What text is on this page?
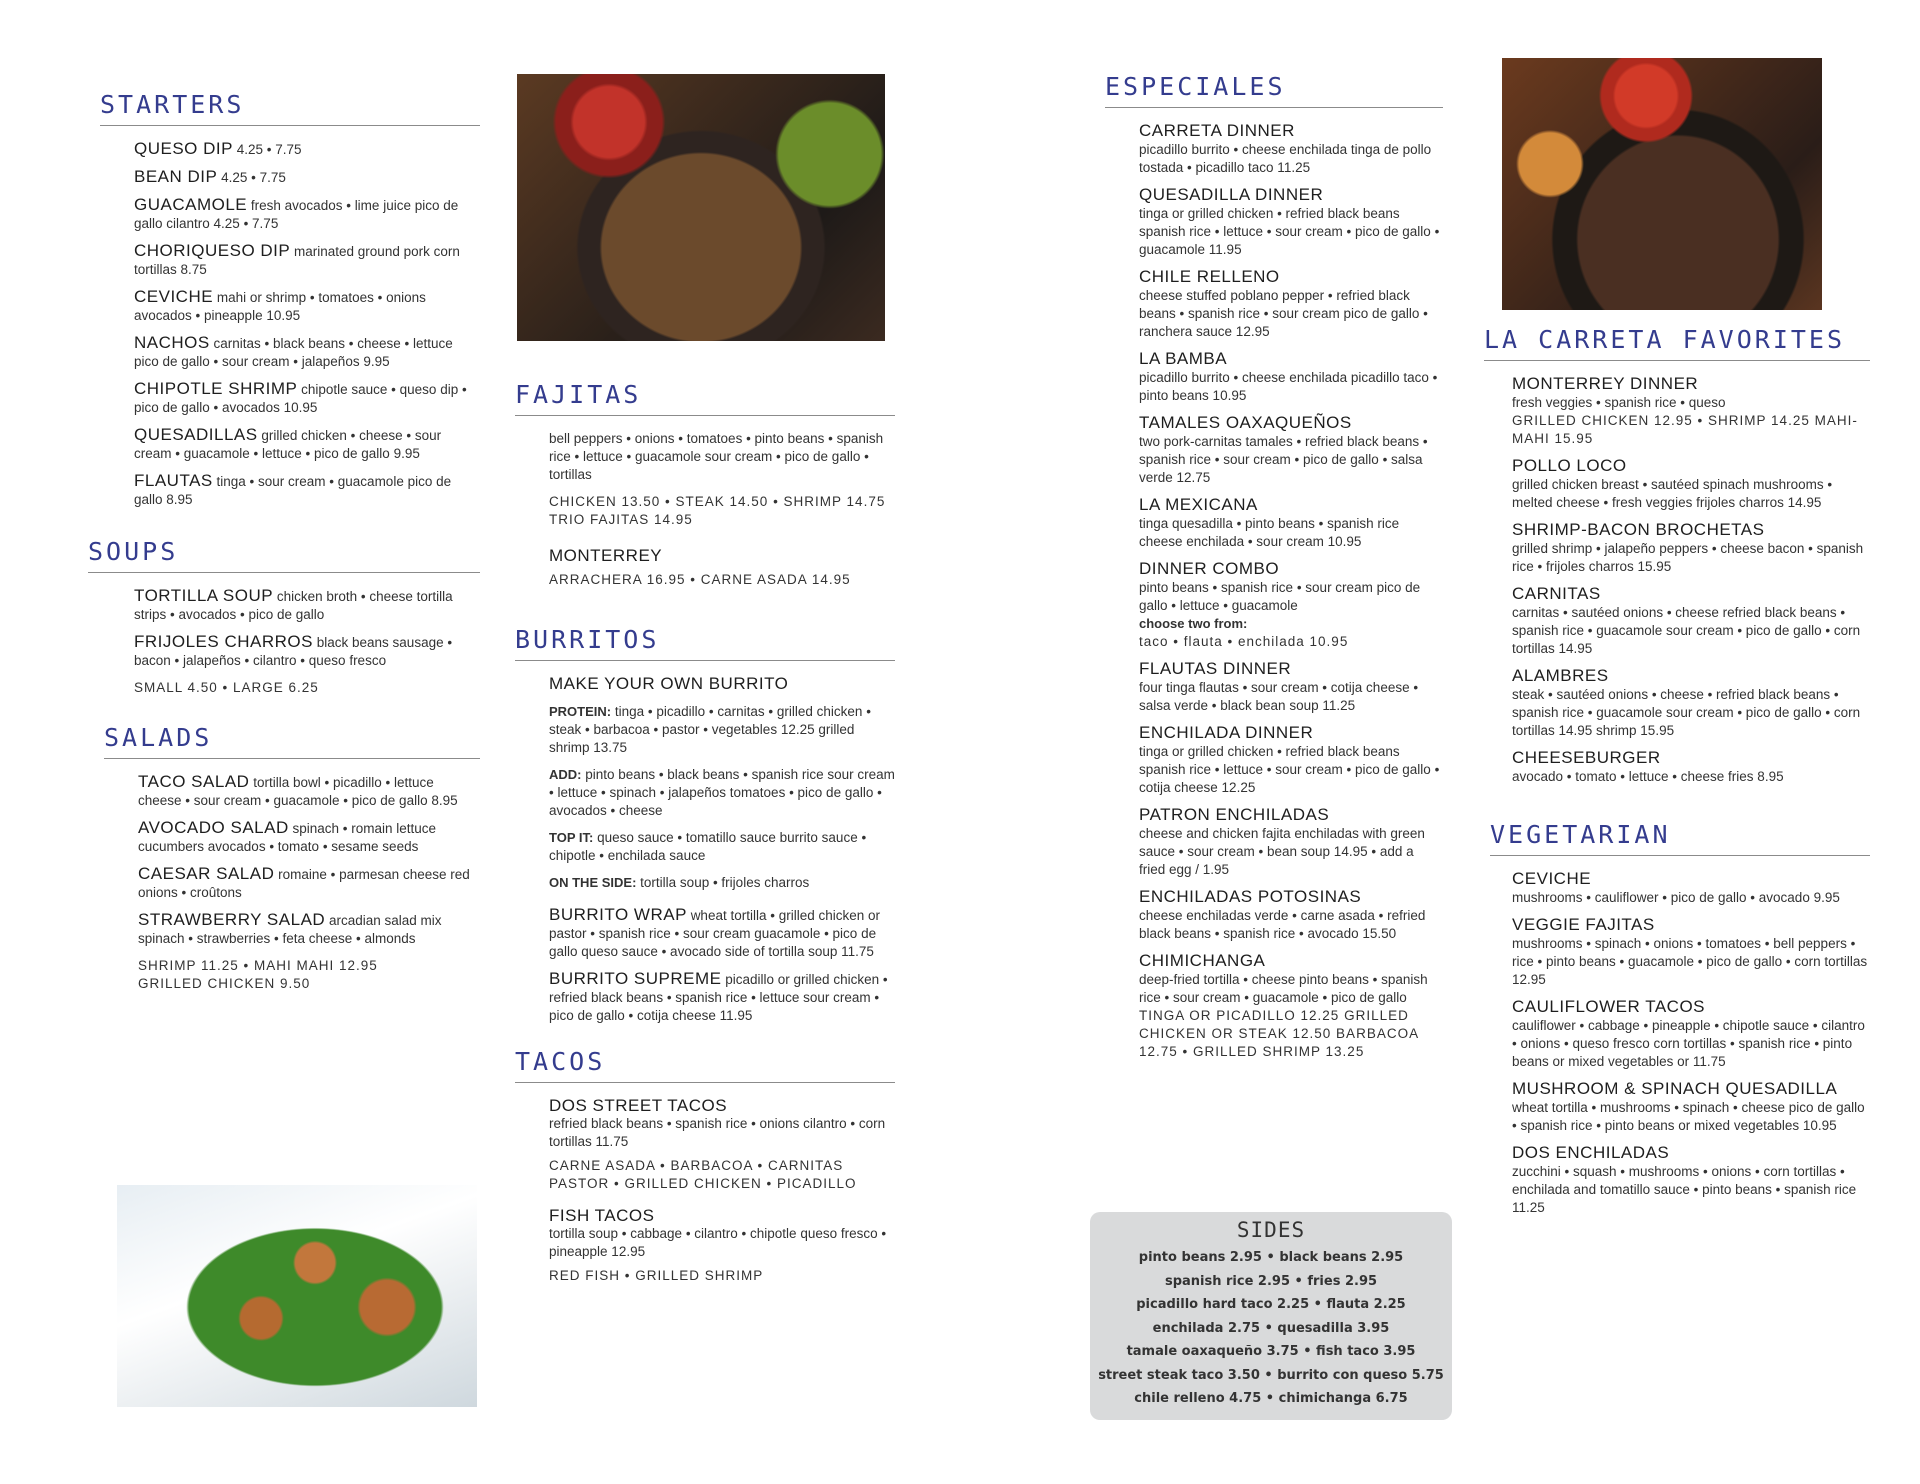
STARTERS
QUESO DIP 4.25 • 7.75
BEAN DIP 4.25 • 7.75
GUACAMOLE fresh avocados • lime juice pico de gallo cilantro 4.25 • 7.75
CHORIQUESO DIP marinated ground pork corn tortillas 8.75
CEVICHE mahi or shrimp • tomatoes • onions avocados • pineapple 10.95
NACHOS carnitas • black beans • cheese • lettuce pico de gallo • sour cream • jalapeños 9.95
CHIPOTLE SHRIMP chipotle sauce • queso dip • pico de gallo • avocados 10.95
QUESADILLAS grilled chicken • cheese • sour cream • guacamole • lettuce • pico de gallo 9.95
FLAUTAS tinga • sour cream • guacamole pico de gallo 8.95
SOUPS
TORTILLA SOUP chicken broth • cheese tortilla strips • avocados • pico de gallo
FRIJOLES CHARROS black beans sausage • bacon • jalapeños • cilantro • queso fresco
SMALL 4.50 • LARGE 6.25
SALADS
TACO SALAD tortilla bowl • picadillo • lettuce cheese • sour cream • guacamole • pico de gallo 8.95
AVOCADO SALAD spinach • romain lettuce cucumbers avocados • tomato • sesame seeds
CAESAR SALAD romaine • parmesan cheese red onions • croûtons
STRAWBERRY SALAD arcadian salad mix spinach • strawberries • feta cheese • almonds
SHRIMP 11.25 • MAHI MAHI 12.95
GRILLED CHICKEN 9.50
FAJITAS
bell peppers • onions • tomatoes • pinto beans • spanish rice • lettuce • guacamole sour cream • pico de gallo • tortillas
CHICKEN 13.50 • STEAK 14.50 • SHRIMP 14.75
TRIO FAJITAS 14.95
MONTERREY
ARRACHERA 16.95 • CARNE ASADA 14.95
BURRITOS
MAKE YOUR OWN BURRITO
PROTEIN: tinga • picadillo • carnitas • grilled chicken • steak • barbacoa • pastor • vegetables 12.25 grilled shrimp 13.75
ADD: pinto beans • black beans • spanish rice sour cream • lettuce • spinach • jalapeños tomatoes • pico de gallo • avocados • cheese
TOP IT: queso sauce • tomatillo sauce burrito sauce • chipotle • enchilada sauce
ON THE SIDE: tortilla soup • frijoles charros
BURRITO WRAP wheat tortilla • grilled chicken or pastor • spanish rice • sour cream guacamole • pico de gallo queso sauce • avocado side of tortilla soup 11.75
BURRITO SUPREME picadillo or grilled chicken • refried black beans • spanish rice • lettuce sour cream • pico de gallo • cotija cheese 11.95
TACOS
DOS STREET TACOS
refried black beans • spanish rice • onions cilantro • corn tortillas 11.75
CARNE ASADA • BARBACOA • CARNITAS PASTOR • GRILLED CHICKEN • PICADILLO
FISH TACOS
tortilla soup • cabbage • cilantro • chipotle queso fresco • pineapple 12.95
RED FISH • GRILLED SHRIMP
ESPECIALES
CARRETA DINNER
picadillo burrito • cheese enchilada tinga de pollo tostada • picadillo taco 11.25
QUESADILLA DINNER
tinga or grilled chicken • refried black beans spanish rice • lettuce • sour cream • pico de gallo • guacamole 11.95
CHILE RELLENO
cheese stuffed poblano pepper • refried black beans • spanish rice • sour cream pico de gallo • ranchera sauce 12.95
LA BAMBA
picadillo burrito • cheese enchilada picadillo taco • pinto beans 10.95
TAMALES OAXAQUEÑOS
two pork-carnitas tamales • refried black beans • spanish rice • sour cream • pico de gallo • salsa verde 12.75
LA MEXICANA
tinga quesadilla • pinto beans • spanish rice cheese enchilada • sour cream 10.95
DINNER COMBO
pinto beans • spanish rice • sour cream pico de gallo • lettuce • guacamole
choose two from:
taco • flauta • enchilada 10.95
FLAUTAS DINNER
four tinga flautas • sour cream • cotija cheese • salsa verde • black bean soup 11.25
ENCHILADA DINNER
tinga or grilled chicken • refried black beans spanish rice • lettuce • sour cream • pico de gallo • cotija cheese 12.25
PATRON ENCHILADAS
cheese and chicken fajita enchiladas with green sauce • sour cream • bean soup 14.95 • add a fried egg / 1.95
ENCHILADAS POTOSINAS
cheese enchiladas verde • carne asada • refried black beans • spanish rice • avocado 15.50
CHIMICHANGA
deep-fried tortilla • cheese pinto beans • spanish rice • sour cream • guacamole • pico de gallo
TINGA OR PICADILLO 12.25 GRILLED CHICKEN OR STEAK 12.50 BARBACOA 12.75 • GRILLED SHRIMP 13.25
SIDES
pinto beans 2.95 • black beans 2.95
spanish rice 2.95 • fries 2.95
picadillo hard taco 2.25 • flauta 2.25
enchilada 2.75 • quesadilla 3.95
tamale oaxaqueño 3.75 • fish taco 3.95
street steak taco 3.50 • burrito con queso 5.75
chile relleno 4.75 • chimichanga 6.75
LA CARRETA FAVORITES
MONTERREY DINNER
fresh veggies • spanish rice • queso
GRILLED CHICKEN 12.95 • SHRIMP 14.25 MAHI-MAHI 15.95
POLLO LOCO
grilled chicken breast • sautéed spinach mushrooms • melted cheese • fresh veggies frijoles charros 14.95
SHRIMP-BACON BROCHETAS
grilled shrimp • jalapeño peppers • cheese bacon • spanish rice • frijoles charros 15.95
CARNITAS
carnitas • sautéed onions • cheese refried black beans • spanish rice • guacamole sour cream • pico de gallo • corn tortillas 14.95
ALAMBRES
steak • sautéed onions • cheese • refried black beans • spanish rice • guacamole sour cream • pico de gallo • corn tortillas 14.95 shrimp 15.95
CHEESEBURGER
avocado • tomato • lettuce • cheese fries 8.95
VEGETARIAN
CEVICHE
mushrooms • cauliflower • pico de gallo • avocado 9.95
VEGGIE FAJITAS
mushrooms • spinach • onions • tomatoes • bell peppers • rice • pinto beans • guacamole • pico de gallo • corn tortillas 12.95
CAULIFLOWER TACOS
cauliflower • cabbage • pineapple • chipotle sauce • cilantro • onions • queso fresco corn tortillas • spanish rice • pinto beans or mixed vegetables or 11.75
MUSHROOM & SPINACH QUESADILLA
wheat tortilla • mushrooms • spinach • cheese pico de gallo • spanish rice • pinto beans or mixed vegetables 10.95
DOS ENCHILADAS
zucchini • squash • mushrooms • onions • corn tortillas • enchilada and tomatillo sauce • pinto beans • spanish rice 11.25
